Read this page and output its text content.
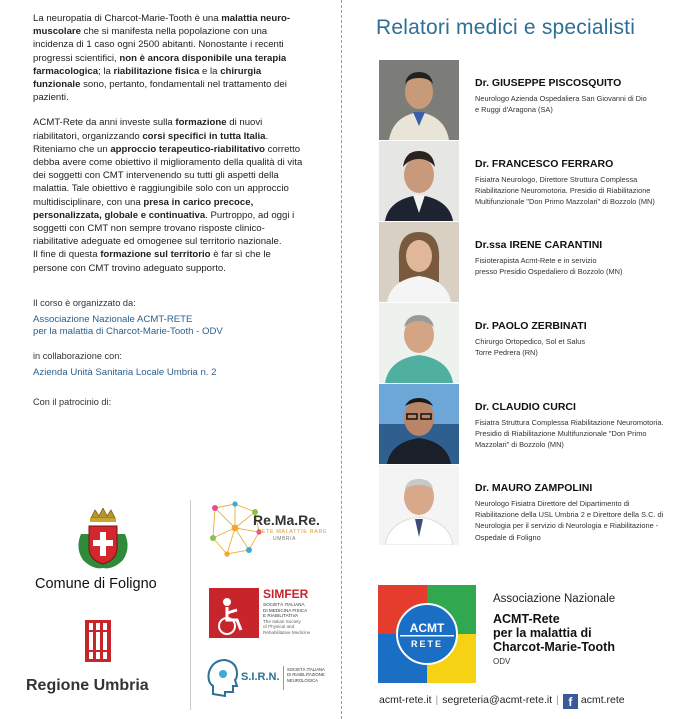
La neuropatia di Charcot-Marie-Tooth è una malattia neuro-muscolare che si manifesta nella popolazione con una incidenza di 1 caso ogni 2500 abitanti. Nonostante i recenti progressi scientifici, non è ancora disponibile una terapia farmacologica; la riabilitazione fisica e la chirurgia funzionale sono, pertanto, fondamentali nel trattamento dei pazienti.

ACMT-Rete da anni investe sulla formazione di nuovi riabilitatori, organizzando corsi specifici in tutta Italia. Riteniamo che un approccio terapeutico-riabilitativo corretto debba avere come obiettivo il miglioramento della qualità di vita dei soggetti con CMT intervenendo su tutti gli aspetti della malattia. Tale obiettivo è raggiungibile solo con un approccio multidisciplinare, con una presa in carico precoce, personalizzata, globale e continuativa. Purtroppo, ad oggi i soggetti con CMT non sempre trovano risposte clinico-riabilitative adeguate ed omogenee sul territorio nazionale.

Il fine di questa formazione sul territorio è far sì che le persone con CMT trovino adeguato supporto.

Il corso è organizzato da:

Associazione Nazionale ACMT-RETE

per la malattia di Charcot-Marie-Tooth - ODV

in collaborazione con:

Azienda Unità Sanitaria Locale Umbria n. 2

Con il patrocinio di:

Comune di Foligno
Regione Umbria
Re.Ma.Re.
RETE MALATTIE RARE
UMBRIA
SIMFER
SOCIETÀ ITALIANA
DI MEDICINA FISICA
E RIABILITATIVA
The Italian Society
of Physical and
Rehabilitative Medicine
S.I.R.N.
SOCIETÀ ITALIANA
DI RIABILITAZIONE
NEUROLOGICA
Relatori medici e specialisti
Dr. GIUSEPPE PISCOSQUITO
Neurologo Azienda Ospedaliera San Giovanni di Dio
e Ruggi d'Aragona (SA)
Dr. FRANCESCO FERRARO
Fisiatra Neurologo, Direttore Struttura Complessa
Riabilitazione Neuromotoria. Presidio di Riabilitazione
Multifunzionale "Don Primo Mazzolari" di Bozzolo (MN)
Dr.ssa IRENE CARANTINI
Fisioterapista Acmt-Rete e in servizio
presso Presidio Ospedaliero di Bozzolo (MN)
Dr. PAOLO ZERBINATI
Chirurgo Ortopedico, Sol et Salus
Torre Pedrera (RN)
Dr. CLAUDIO CURCI
Fisiatra Struttura Complessa Riabilitazione Neuromotoria.
Presidio di Riabilitazione Multifunzionale "Don Primo
Mazzolari" di Bozzolo (MN)
Dr. MAURO ZAMPOLINI
Neurologo Fisiatra Direttore del Dipartimento di
Riabilitazione della USL Umbria 2 e Direttore della S.C. di
Neurologia per il servizio di Neurologia e Riabilitazione -
Ospedale di Foligno
ACMT
RETE
Associazione Nazionale
ACMT-Rete
per la malattia di
Charcot-Marie-Tooth
ODV
acmt-rete.it | segreteria@acmt-rete.it | f acmt.rete
